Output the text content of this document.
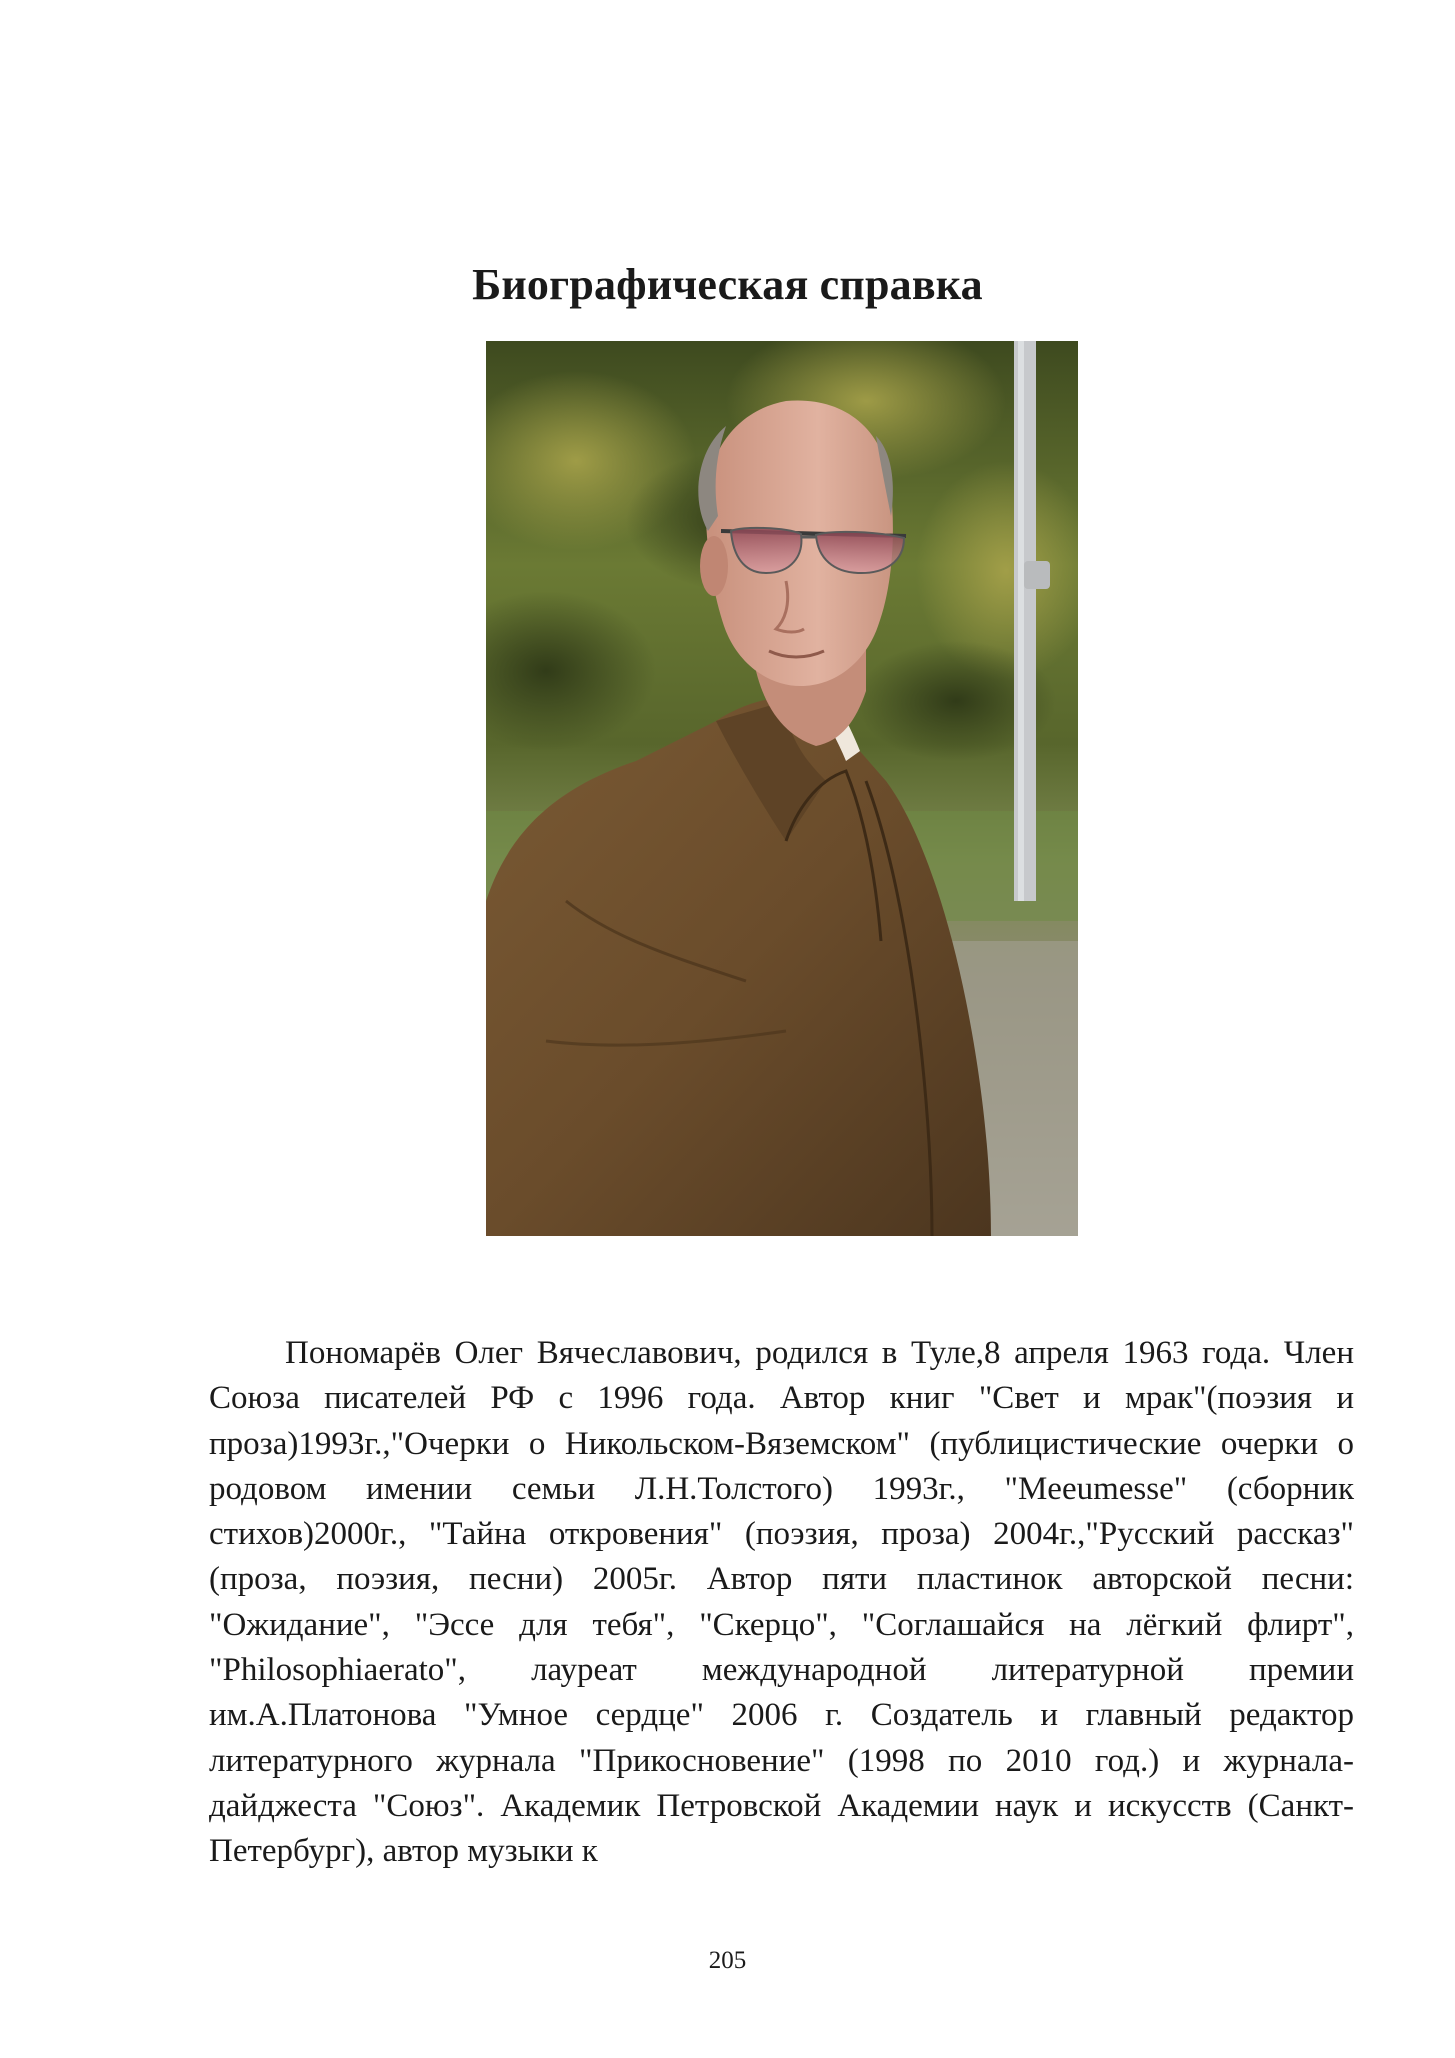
Биографическая справка

Пономарёв Олег Вячеславович, родился в Туле,8 апреля 1963 года. Член Союза писателей РФ с 1996 года. Автор книг "Свет и мрак"(поэзия и проза)1993г.,"Очерки о Никольском-Вяземском" (публицистические очерки о родовом имении семьи Л.Н.Толстого) 1993г., "Meeumesse" (сборник стихов)2000г., "Тайна откровения" (поэзия, проза) 2004г.,"Русский рассказ"(проза, поэзия, песни) 2005г. Автор пяти пластинок авторской песни: "Ожидание", "Эссе для тебя", "Скерцо", "Соглашайся на лёгкий флирт", "Philosophiaerato", лауреат международной литературной премии им.А.Платонова "Умное сердце" 2006 г. Создатель и главный редактор литературного журнала "Прикосновение" (1998 по 2010 год.) и журнала-дайджеста "Союз". Академик Петровской Академии наук и искусств (Санкт-Петербург), автор музыки к

205
